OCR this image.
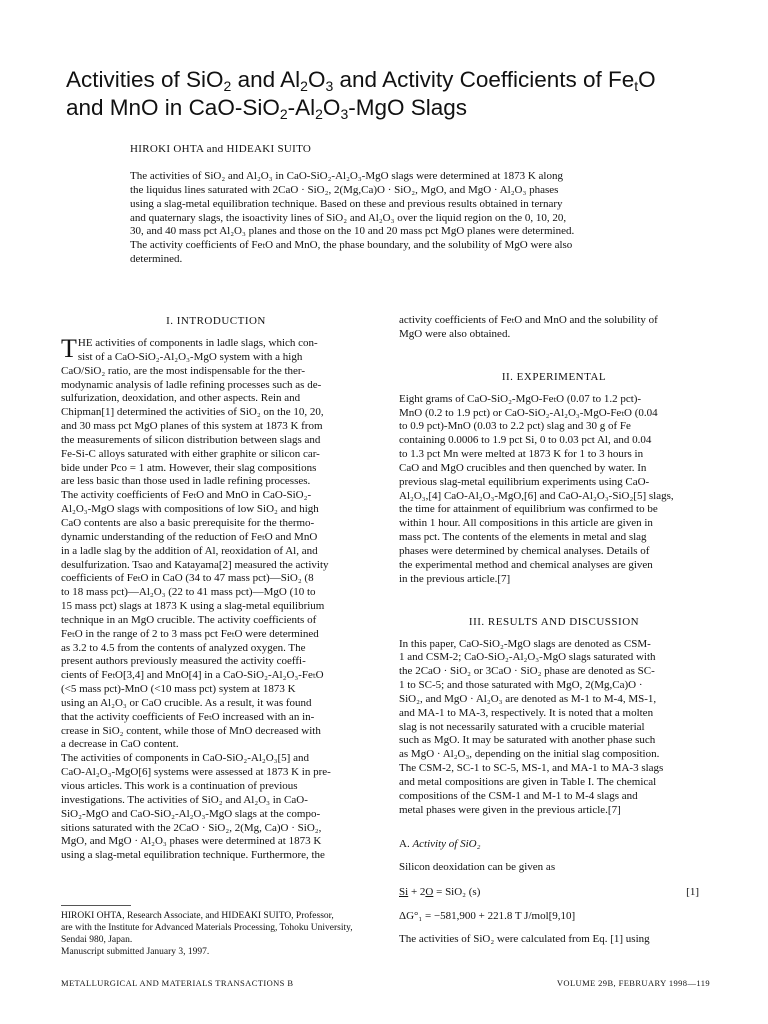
Activities of SiO$_2$ and $Al_2O_3$ and Activity Coefficients of $Fe_tO$
and MnO in CaO-$SiO_2-Al_2O_3$-MgO Slags
HIROKI OHTA and HIDEAKI SUITO
The activities of SiO₂ and Al₂O₃ in CaO-SiO₂-Al₂O₃-MgO slags were determined at 1873 K along
the liquidus lines saturated with 2CaO · SiO₂, 2(Mg,Ca)O · SiO₂, MgO, and MgO · Al₂O₃ phases
using a slag-metal equilibration technique. Based on these and previous results obtained in ternary
and quaternary slags, the isoactivity lines of SiO₂ and Al₂O₃ over the liquid region on the 0, 10, 20,
30, and 40 mass pct Al₂O₃ planes and those on the 10 and 20 mass pct MgO planes were determined.
The activity coefficients of FeₜO and MnO, the phase boundary, and the solubility of MgO were also
determined.
I. INTRODUCTION
T HE activities of components in ladle slags, which con-
sist of a CaO-SiO₂-Al₂O₃-MgO system with a high
CaO/SiO₂ ratio, are the most indispensable for the ther-
modynamic analysis of ladle refining processes such as de-
sulfurization, deoxidation, and other aspects. Rein and
Chipman[1] determined the activities of SiO₂ on the 10, 20,
and 30 mass pct MgO planes of this system at 1873 K from
the measurements of silicon distribution between slags and
Fe-Si-C alloys saturated with either graphite or silicon car-
bide under Pco = 1 atm. However, their slag compositions
are less basic than those used in ladle refining processes.
The activity coefficients of FeₜO and MnO in CaO-SiO₂-
Al₂O₃-MgO slags with compositions of low SiO₂ and high
CaO contents are also a basic prerequisite for the thermo-
dynamic understanding of the reduction of FeₜO and MnO
in a ladle slag by the addition of Al, reoxidation of Al, and
desulfurization. Tsao and Katayama[2] measured the activity
coefficients of FeₜO in CaO (34 to 47 mass pct)—SiO₂ (8
to 18 mass pct)—Al₂O₃ (22 to 41 mass pct)—MgO (10 to
15 mass pct) slags at 1873 K using a slag-metal equilibrium
technique in an MgO crucible. The activity coefficients of
FeₜO in the range of 2 to 3 mass pct FeₜO were determined
as 3.2 to 4.5 from the contents of analyzed oxygen. The
present authors previously measured the activity coeffi-
cients of FeₜO[3,4] and MnO[4] in a CaO-SiO₂-Al₂O₃-FeₜO
(<5 mass pct)-MnO (<10 mass pct) system at 1873 K
using an Al₂O₃ or CaO crucible. As a result, it was found
that the activity coefficients of FeₜO increased with an in-
crease in SiO₂ content, while those of MnO decreased with
a decrease in CaO content.
The activities of components in CaO-SiO₂-Al₂O₃[5] and
CaO-Al₂O₃-MgO[6] systems were assessed at 1873 K in pre-
vious articles. This work is a continuation of previous
investigations. The activities of SiO₂ and Al₂O₃ in CaO-
SiO₂-MgO and CaO-SiO₂-Al₂O₃-MgO slags at the compo-
sitions saturated with the 2CaO · SiO₂, 2(Mg, Ca)O · SiO₂,
MgO, and MgO · Al₂O₃ phases were determined at 1873 K
using a slag-metal equilibration technique. Furthermore, the
activity coefficients of FeₜO and MnO and the solubility of
MgO were also obtained.
II. EXPERIMENTAL
Eight grams of CaO-SiO₂-MgO-FeₜO (0.07 to 1.2 pct)-
MnO (0.2 to 1.9 pct) or CaO-SiO₂-Al₂O₃-MgO-FeₜO (0.04
to 0.9 pct)-MnO (0.03 to 2.2 pct) slag and 30 g of Fe
containing 0.0006 to 1.9 pct Si, 0 to 0.03 pct Al, and 0.04
to 1.3 pct Mn were melted at 1873 K for 1 to 3 hours in
CaO and MgO crucibles and then quenched by water. In
previous slag-metal equilibrium experiments using CaO-
Al₂O₃,[4] CaO-Al₂O₃-MgO,[6] and CaO-Al₂O₃-SiO₂[5] slags,
the time for attainment of equilibrium was confirmed to be
within 1 hour. All compositions in this article are given in
mass pct. The contents of the elements in metal and slag
phases were determined by chemical analyses. Details of
the experimental method and chemical analyses are given
in the previous article.[7]
III. RESULTS AND DISCUSSION
In this paper, CaO-SiO₂-MgO slags are denoted as CSM-
1 and CSM-2; CaO-SiO₂-Al₂O₃-MgO slags saturated with
the 2CaO · SiO₂ or 3CaO · SiO₂ phase are denoted as SC-
1 to SC-5; and those saturated with MgO, 2(Mg,Ca)O ·
SiO₂, and MgO · Al₂O₃ are denoted as M-1 to M-4, MS-1,
and MA-1 to MA-3, respectively. It is noted that a molten
slag is not necessarily saturated with a crucible material
such as MgO. It may be saturated with another phase such
as MgO · Al₂O₃, depending on the initial slag composition.
The CSM-2, SC-1 to SC-5, MS-1, and MA-1 to MA-3 slags
and metal compositions are given in Table I. The chemical
compositions of the CSM-1 and M-1 to M-4 slags and
metal phases were given in the previous article.[7]
A. Activity of SiO₂
Silicon deoxidation can be given as
Si + 2O = SiO₂ (s)	[1]
ΔG°₁ = −581,900 + 221.8 T J/mol[9,10]
The activities of SiO₂ were calculated from Eq. [1] using
HIROKI OHTA, Research Associate, and HIDEAKI SUITO, Professor,
are with the Institute for Advanced Materials Processing, Tohoku University,
Sendai 980, Japan.
Manuscript submitted January 3, 1997.
METALLURGICAL AND MATERIALS TRANSACTIONS B	VOLUME 29B, FEBRUARY 1998—119
